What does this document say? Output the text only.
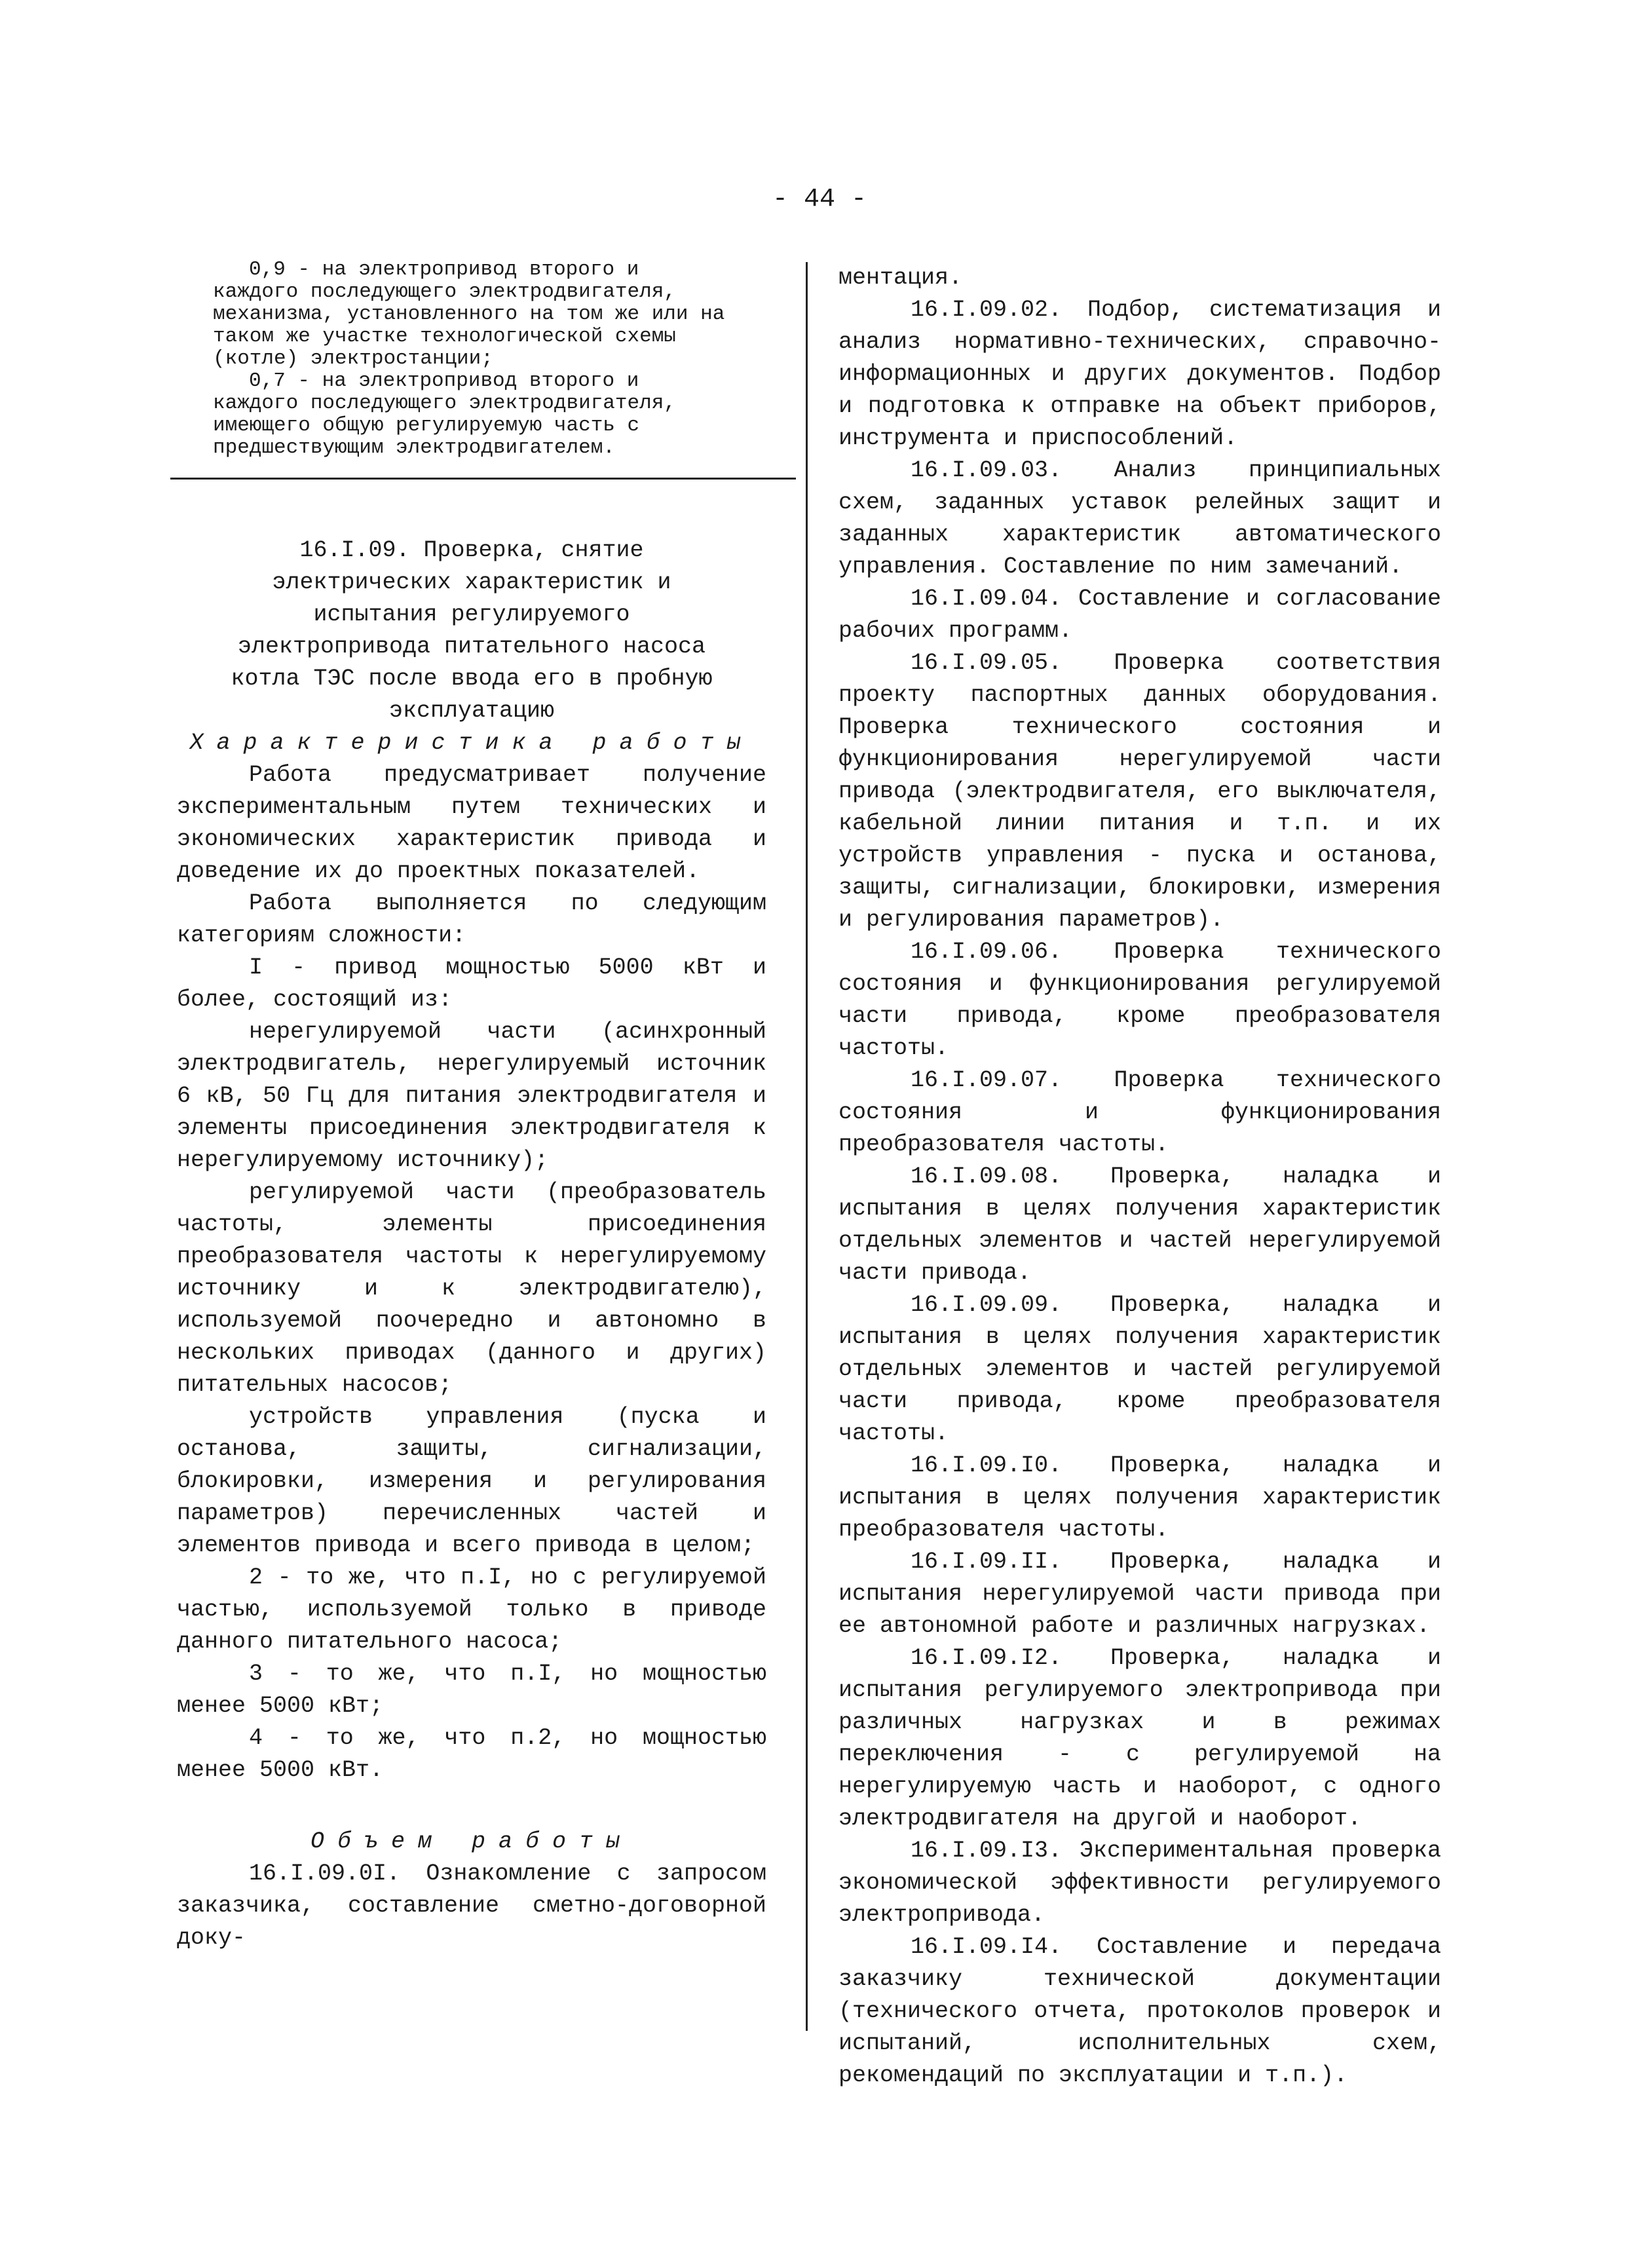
- 44 -

0,9 - на электропривод второго и каждого последующего электродвигателя, механизма, установленного на том же или на таком же участке технологической схемы (котле) электростанции;

0,7 - на электропривод второго и каждого последующего электродвигателя, имеющего общую регулируемую часть с предшествующим электродвигателем.

16.I.09. Проверка, снятие электрических характеристик и испытания регулируемого электропривода питательного насоса котла ТЭС после ввода его в пробную эксплуатацию

Характеристика работы

Работа предусматривает получение экспериментальным путем технических и экономических характеристик привода и доведение их до проектных показателей.

Работа выполняется по следующим категориям сложности:

I - привод мощностью 5000 кВт и более, состоящий из:

нерегулируемой части (асинхронный электродвигатель, нерегулируемый источник 6 кВ, 50 Гц для питания электродвигателя и элементы присоединения электродвигателя к нерегулируемому источнику);

регулируемой части (преобразователь частоты, элементы присоединения преобразователя частоты к нерегулируемому источнику и к электродвигателю), используемой поочередно и автономно в нескольких приводах (данного и других) питательных насосов;

устройств управления (пуска и останова, защиты, сигнализации, блокировки, измерения и регулирования параметров) перечисленных частей и элементов привода и всего привода в целом;

2 - то же, что п.I, но с регулируемой частью, используемой только в приводе данного питательного насоса;

3 - то же, что п.I, но мощностью менее 5000 кВт;

4 - то же, что п.2, но мощностью менее 5000 кВт.

Объем работы

16.I.09.0I. Ознакомление с запросом заказчика, составление сметно-договорной доку-

ментация.

16.I.09.02. Подбор, систематизация и анализ нормативно-технических, справочно-информационных и других документов. Подбор и подготовка к отправке на объект приборов, инструмента и приспособлений.

16.I.09.03. Анализ принципиальных схем, заданных уставок релейных защит и заданных характеристик автоматического управления. Составление по ним замечаний.

16.I.09.04. Составление и согласование рабочих программ.

16.I.09.05. Проверка соответствия проекту паспортных данных оборудования. Проверка технического состояния и функционирования нерегулируемой части привода (электродвигателя, его выключателя, кабельной линии питания и т.п. и их устройств управления - пуска и останова, защиты, сигнализации, блокировки, измерения и регулирования параметров).

16.I.09.06. Проверка технического состояния и функционирования регулируемой части привода, кроме преобразователя частоты.

16.I.09.07. Проверка технического состояния и функционирования преобразователя частоты.

16.I.09.08. Проверка, наладка и испытания в целях получения характеристик отдельных элементов и частей нерегулируемой части привода.

16.I.09.09. Проверка, наладка и испытания в целях получения характеристик отдельных элементов и частей регулируемой части привода, кроме преобразователя частоты.

16.I.09.I0. Проверка, наладка и испытания в целях получения характеристик преобразователя частоты.

16.I.09.II. Проверка, наладка и испытания нерегулируемой части привода при ее автономной работе и различных нагрузках.

16.I.09.I2. Проверка, наладка и испытания регулируемого электропривода при различных нагрузках и в режимах переключения - с регулируемой на нерегулируемую часть и наоборот, с одного электродвигателя на другой и наоборот.

16.I.09.I3. Экспериментальная проверка экономической эффективности регулируемого электропривода.

16.I.09.I4. Составление и передача заказчику технической документации (технического отчета, протоколов проверок и испытаний, исполнительных схем, рекомендаций по эксплуатации и т.п.).
